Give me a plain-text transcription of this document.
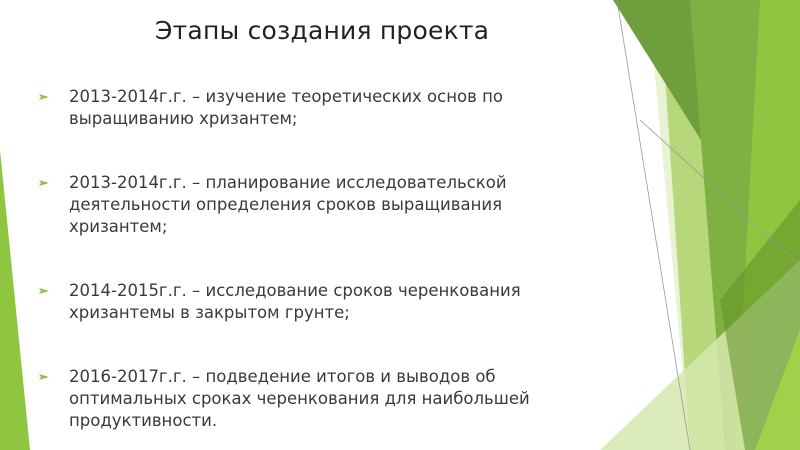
Этапы создания проекта
2013-2014г.г. – изучение теоретических основ по выращиванию хризантем;
2013-2014г.г. – планирование исследовательской деятельности определения сроков выращивания хризантем;
2014-2015г.г. – исследование сроков черенкования хризантемы в закрытом грунте;
2016-2017г.г. – подведение итогов и выводов об оптимальных сроках черенкования для наибольшей продуктивности.
